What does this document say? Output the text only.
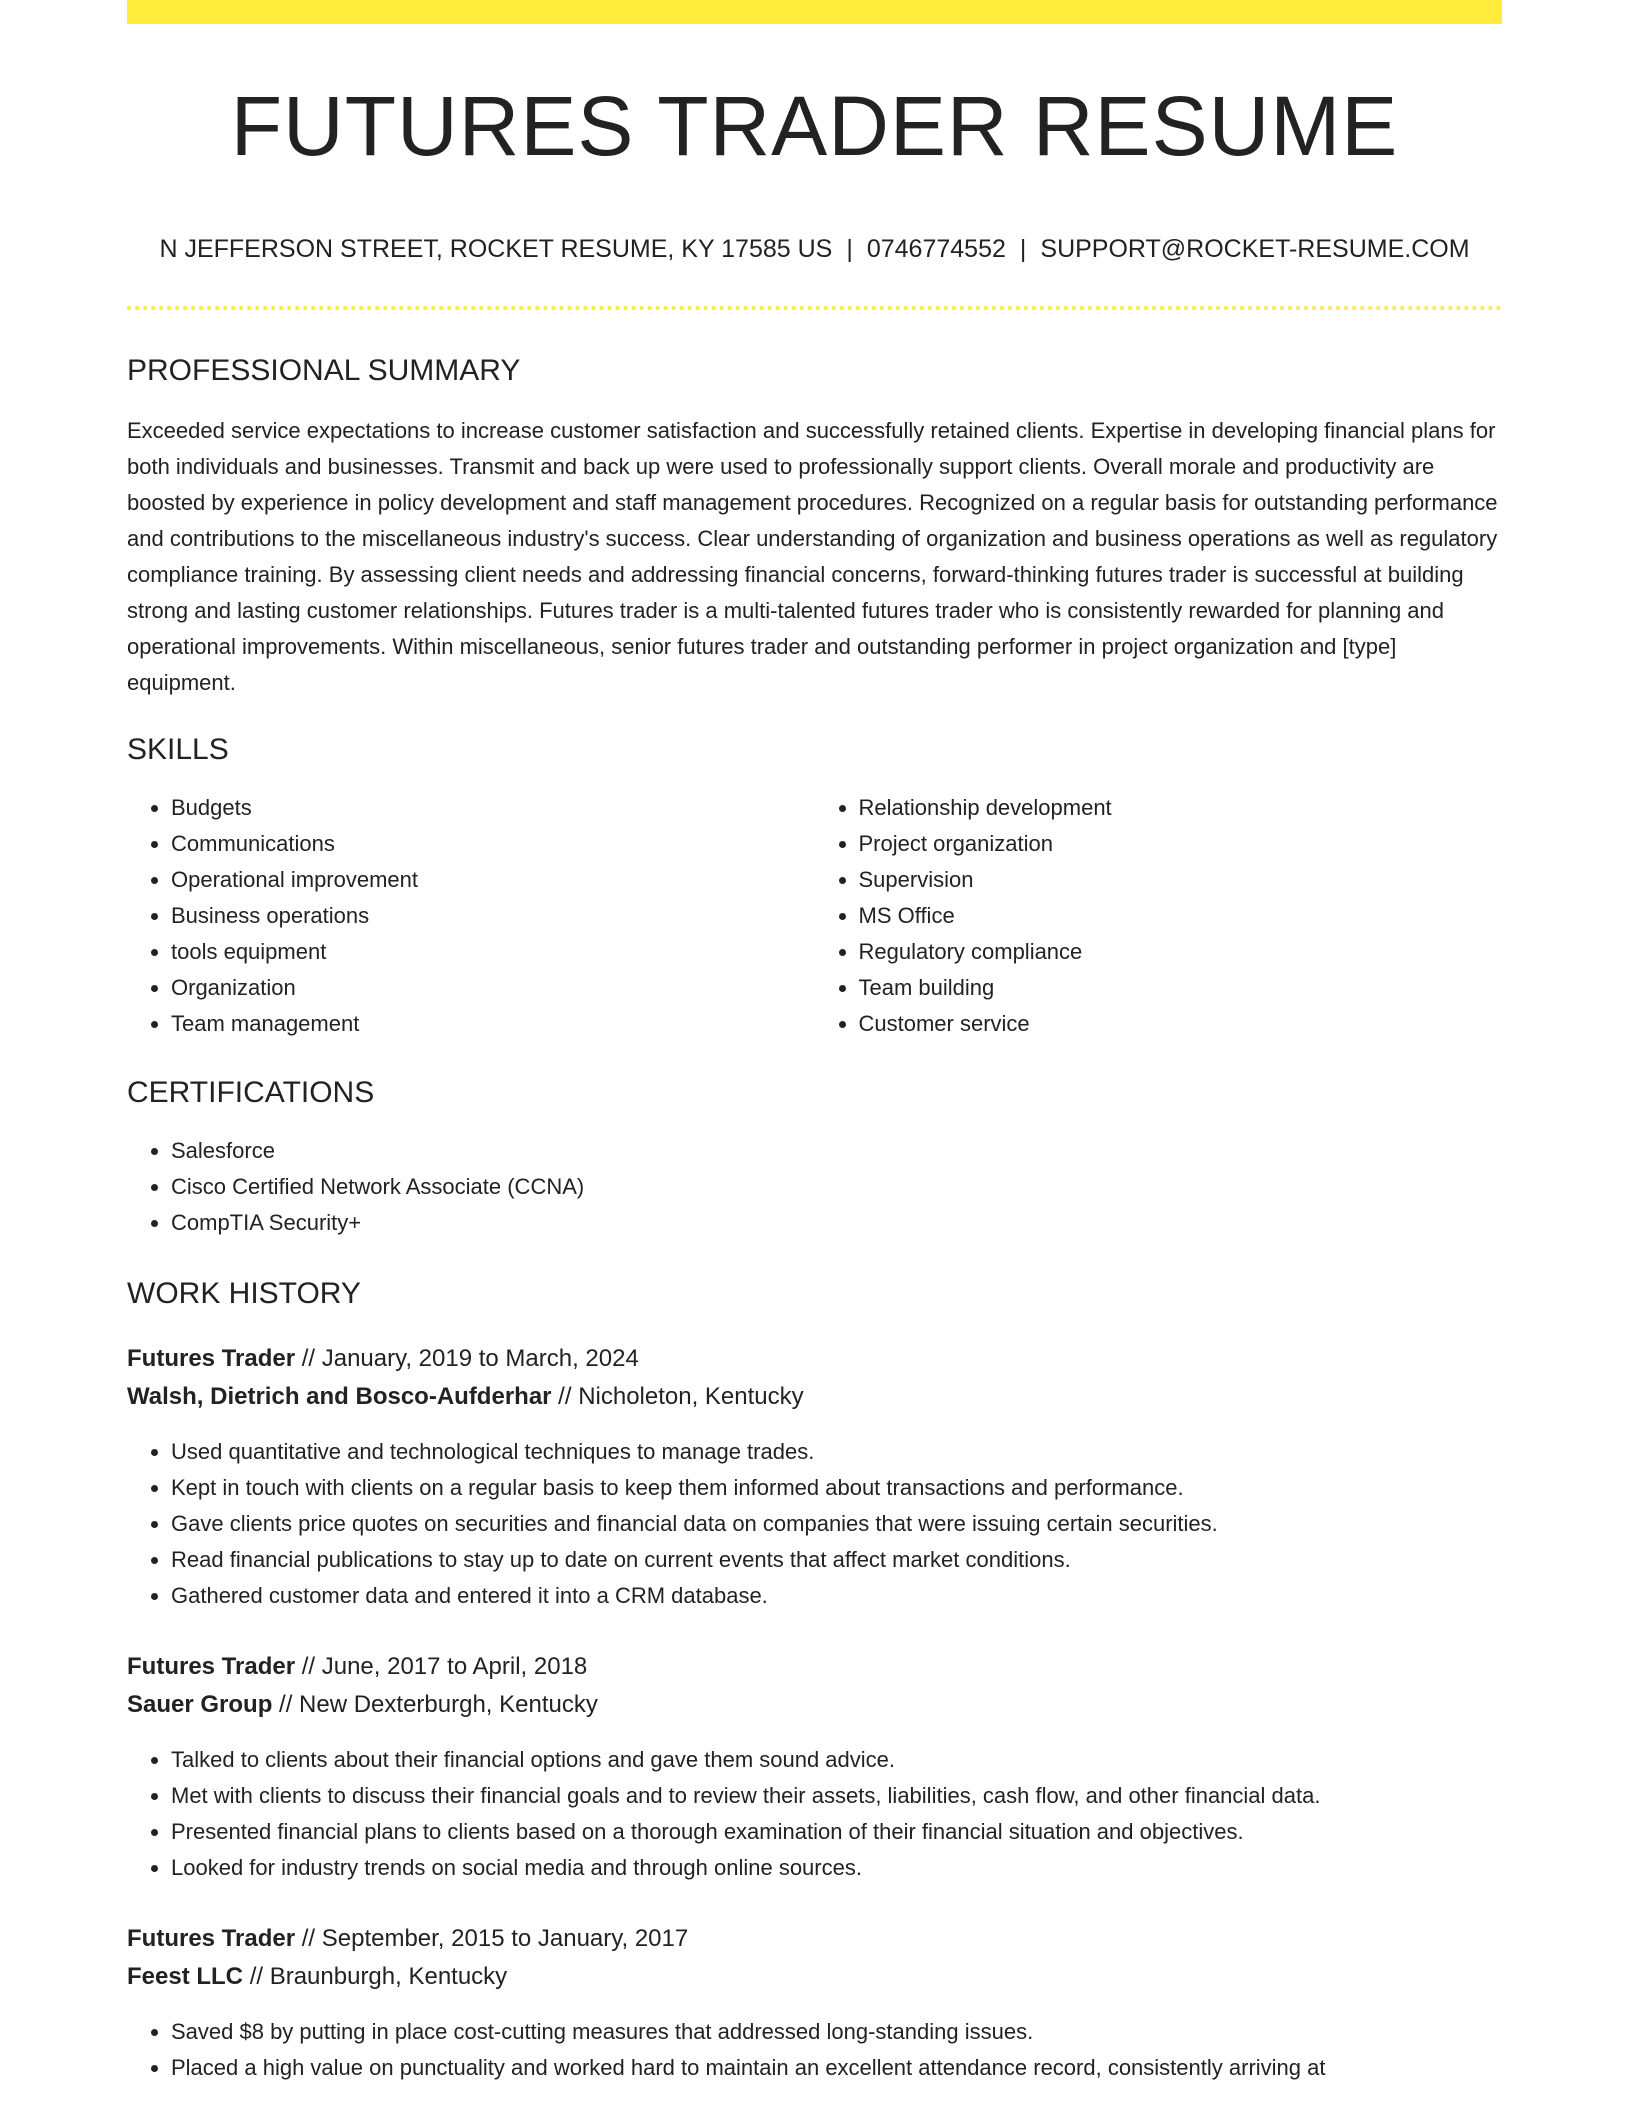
FUTURES TRADER RESUME
N JEFFERSON STREET, ROCKET RESUME, KY 17585 US | 0746774552 | SUPPORT@ROCKET-RESUME.COM
PROFESSIONAL SUMMARY
Exceeded service expectations to increase customer satisfaction and successfully retained clients. Expertise in developing financial plans for both individuals and businesses. Transmit and back up were used to professionally support clients. Overall morale and productivity are boosted by experience in policy development and staff management procedures. Recognized on a regular basis for outstanding performance and contributions to the miscellaneous industry's success. Clear understanding of organization and business operations as well as regulatory compliance training. By assessing client needs and addressing financial concerns, forward-thinking futures trader is successful at building strong and lasting customer relationships. Futures trader is a multi-talented futures trader who is consistently rewarded for planning and operational improvements. Within miscellaneous, senior futures trader and outstanding performer in project organization and [type] equipment.
SKILLS
• Budgets
• Communications
• Operational improvement
• Business operations
• tools equipment
• Organization
• Team management
• Relationship development
• Project organization
• Supervision
• MS Office
• Regulatory compliance
• Team building
• Customer service
CERTIFICATIONS
• Salesforce
• Cisco Certified Network Associate (CCNA)
• CompTIA Security+
WORK HISTORY
Futures Trader // January, 2019 to March, 2024
Walsh, Dietrich and Bosco-Aufderhar // Nicholeton, Kentucky
• Used quantitative and technological techniques to manage trades.
• Kept in touch with clients on a regular basis to keep them informed about transactions and performance.
• Gave clients price quotes on securities and financial data on companies that were issuing certain securities.
• Read financial publications to stay up to date on current events that affect market conditions.
• Gathered customer data and entered it into a CRM database.
Futures Trader // June, 2017 to April, 2018
Sauer Group // New Dexterburgh, Kentucky
• Talked to clients about their financial options and gave them sound advice.
• Met with clients to discuss their financial goals and to review their assets, liabilities, cash flow, and other financial data.
• Presented financial plans to clients based on a thorough examination of their financial situation and objectives.
• Looked for industry trends on social media and through online sources.
Futures Trader // September, 2015 to January, 2017
Feest LLC // Braunburgh, Kentucky
• Saved $8 by putting in place cost-cutting measures that addressed long-standing issues.
• Placed a high value on punctuality and worked hard to maintain an excellent attendance record, consistently arriving at
